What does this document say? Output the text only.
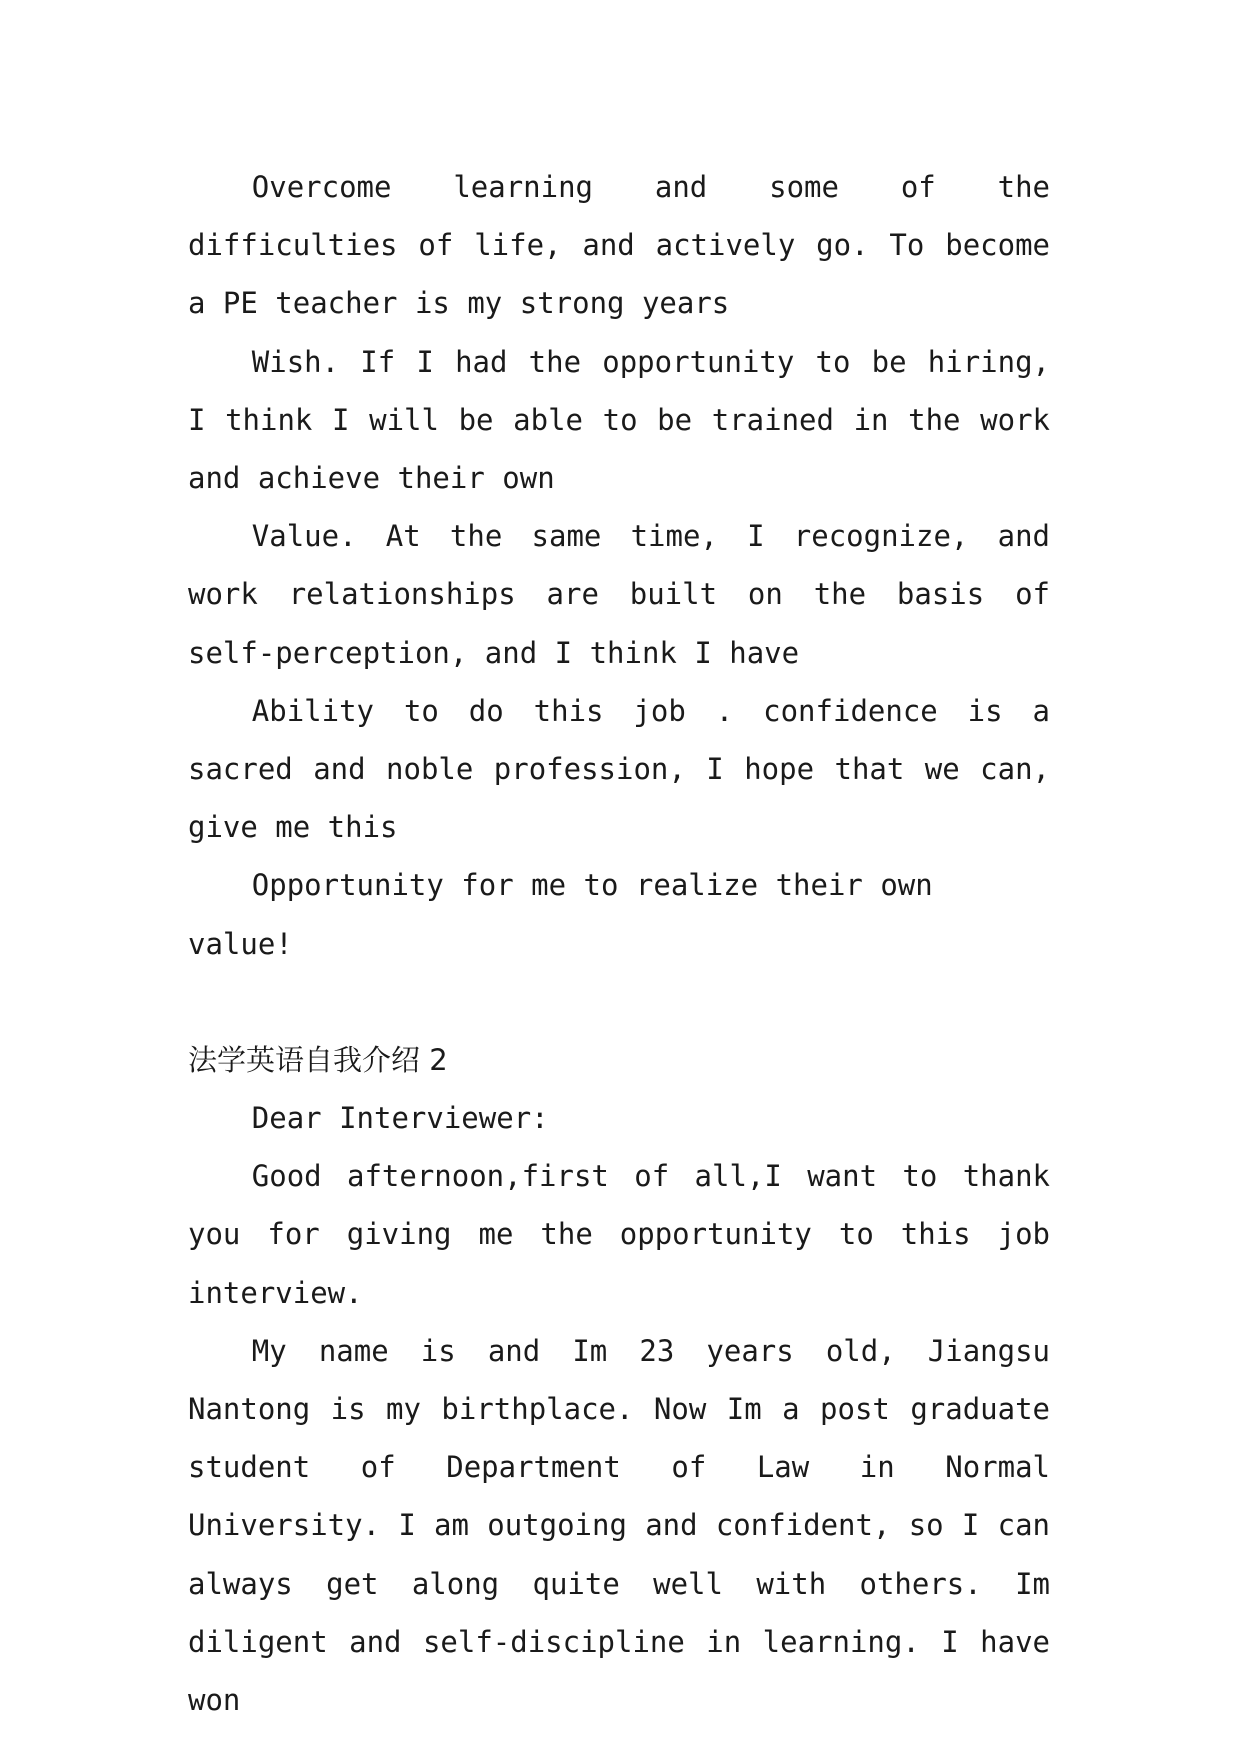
Overcome learning and some of the difficulties of life, and actively go. To become a PE teacher is my strong years

Wish. If I had the opportunity to be hiring, I think I will be able to be trained in the work and achieve their own

Value. At the same time, I recognize, and work relationships are built on the basis of self-perception, and I think I have

Ability to do this job . confidence is a sacred and noble profession, I hope that we can, give me this

Opportunity for me to realize their own value!

法学英语自我介绍 2

Dear Interviewer:

Good afternoon,first of all,I want to thank you for giving me the opportunity to this job interview.

My name is and Im 23 years old, Jiangsu Nantong is my birthplace. Now Im a post graduate student of Department of Law in Normal University. I am outgoing and confident, so I can always get along quite well with others. Im diligent and self-discipline in learning. I have won
